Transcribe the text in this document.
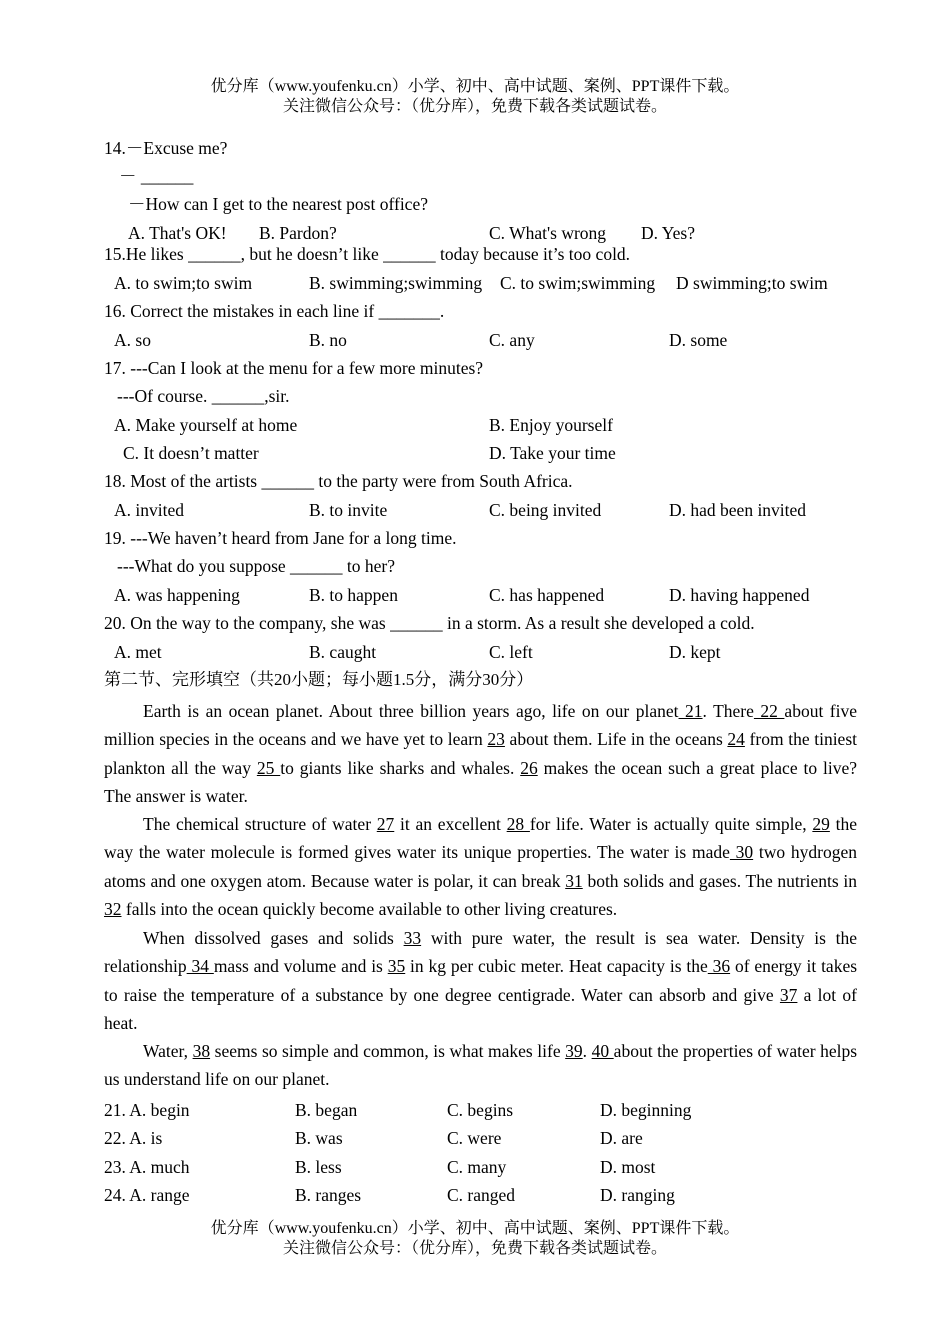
优分库（www.youfenku.cn）小学、初中、高中试题、案例、PPT课件下载。
关注微信公众号：（优分库），免费下载各类试题试卷。
14.－Excuse me?
－ ______
－How can I get to the nearest post office?
A. That's OK! B. Pardon?	C. What's wrong D. Yes?
15.He likes ______, but he doesn’t like ______ today because it’s too cold.
A. to swim;to swim	B. swimming;swimming C. to swim;swimming D swimming;to swim
16. Correct the mistakes in each line if _______.
A. so	B. no	C. any	D. some
17. ---Can I look at the menu for a few more minutes?
---Of course. ______,sir.
A. Make yourself at home	B. Enjoy yourself
C. It doesn’t matter	D. Take your time
18. Most of the artists ______ to the party were from South Africa.
A. invited	B. to invite	C. being invited	D. had been invited
19. ---We haven’t heard from Jane for a long time.
---What do you suppose ______ to her?
A. was happening	B. to happen	C. has happened	D. having happened
20. On the way to the company, she was ______ in a storm. As a result she developed a cold.
A. met	B. caught	C. left	D. kept
第二节、完形填空（共20小题；每小题1.5分，满分30分）

Earth is an ocean planet. About three billion years ago, life on our planet 21. There 22 about five million species in the oceans and we have yet to learn 23 about them. Life in the oceans 24 from the tiniest plankton all the way 25 to giants like sharks and whales. 26 makes the ocean such a great place to live? The answer is water.

The chemical structure of water 27 it an excellent 28 for life. Water is actually quite simple, 29 the way the water molecule is formed gives water its unique properties. The water is made 30 two hydrogen atoms and one oxygen atom. Because water is polar, it can break 31 both solids and gases. The nutrients in 32 falls into the ocean quickly become available to other living creatures.

When dissolved gases and solids 33 with pure water, the result is sea water. Density is the relationship 34 mass and volume and is 35 in kg per cubic meter. Heat capacity is the 36 of energy it takes to raise the temperature of a substance by one degree centigrade. Water can absorb and give 37 a lot of heat.

Water, 38 seems so simple and common, is what makes life 39. 40 about the properties of water helps us understand life on our planet.

21. A. begin	B. began	C. begins	D. beginning
22. A. is	B. was	C. were	D. are
23. A. much	B. less	C. many	D. most
24. A. range	B. ranges	C. ranged	D. ranging
优分库（www.youfenku.cn）小学、初中、高中试题、案例、PPT课件下载。
关注微信公众号：（优分库），免费下载各类试题试卷。
